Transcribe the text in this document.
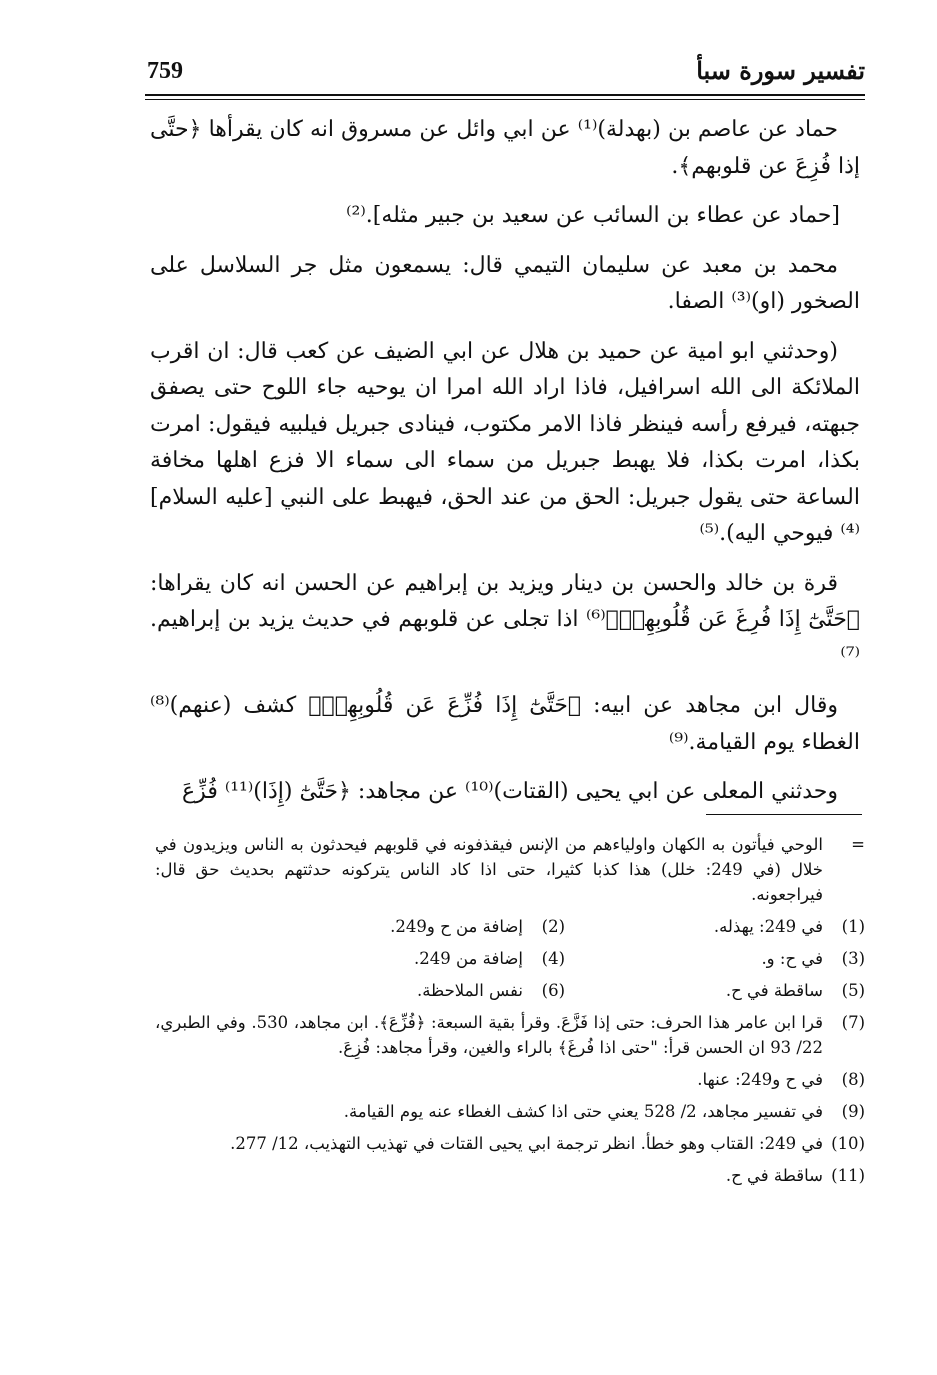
759	تفسير سورة سبأ

حماد عن عاصم بن (بهدلة)⁽¹⁾ عن ابي وائل عن مسروق انه كان يقرأها ﴿حتَّى إذا فُزِعَ عن قلوبهم﴾.

[حماد عن عطاء بن السائب عن سعيد بن جبير مثله].⁽²⁾

محمد بن معبد عن سليمان التيمي قال: يسمعون مثل جر السلاسل على الصخور (او)⁽³⁾ الصفا.

(وحدثني ابو امية عن حميد بن هلال عن ابي الضيف عن كعب قال: ان اقرب الملائكة الى الله اسرافيل، فاذا اراد الله امرا ان يوحيه جاء اللوح حتى يصفق جبهته، فيرفع رأسه فينظر فاذا الامر مكتوب، فينادى جبريل فيلبيه فيقول: امرت بكذا، امرت بكذا، فلا يهبط جبريل من سماء الى سماء الا فزع اهلها مخافة الساعة حتى يقول جبريل: الحق من عند الحق، فيهبط على النبي [عليه السلام]⁽⁴⁾ فيوحي اليه).⁽⁵⁾

قرة بن خالد والحسن بن دينار ويزيد بن إبراهيم عن الحسن انه كان يقراها: ﴿حَتَّىٰٓ إِذَا فُرِغَ عَن قُلُوبِهِمۡ﴾⁽⁶⁾ اذا تجلى عن قلوبهم في حديث يزيد بن إبراهيم.⁽⁷⁾

وقال ابن مجاهد عن ابيه: ﴿حَتَّىٰٓ إِذَا فُزِّعَ عَن قُلُوبِهِمۡ﴾ كشف (عنهم)⁽⁸⁾ الغطاء يوم القيامة.⁽⁹⁾

وحدثني المعلى عن ابي يحيى (القتات)⁽¹⁰⁾ عن مجاهد: ﴿حَتَّىٰٓ (إِذَا)⁽¹¹⁾ فُزِّعَ

=
الوحي فيأتون به الكهان واولياءهم من الإنس فيقذفونه في قلوبهم فيحدثون به الناس ويزيدون في خلال (في 249: خلل) هذا كذبا كثيرا، حتى اذا كاد الناس يتركونه حدثتهم بحديث حق قال: فيراجعونه.
(1)
في 249: يهذله.
(2)
إضافة من ح و249.
(3)
في ح: و.
(4)
إضافة من 249.
(5)
ساقطة في ح.
(6)
نفس الملاحظة.
(7)
قرا ابن عامر هذا الحرف: حتى إذا فَزَّعَ. وقرأ بقية السبعة: ﴿فُزِّعَ﴾. ابن مجاهد، 530. وفي الطبري، 22/ 93 ان الحسن قرأ: "حتى اذا فُرغَ﴾ بالراء والغين، وقرأ مجاهد: فُزِعَ.
(8)
في ح و249: عنها.
(9)
في تفسير مجاهد، 2/ 528 يعني حتى اذا كشف الغطاء عنه يوم القيامة.
(10)
في 249: القتاب وهو خطأ. انظر ترجمة ابي يحيى القتات في تهذيب التهذيب، 12/ 277.
(11)
ساقطة في ح.
